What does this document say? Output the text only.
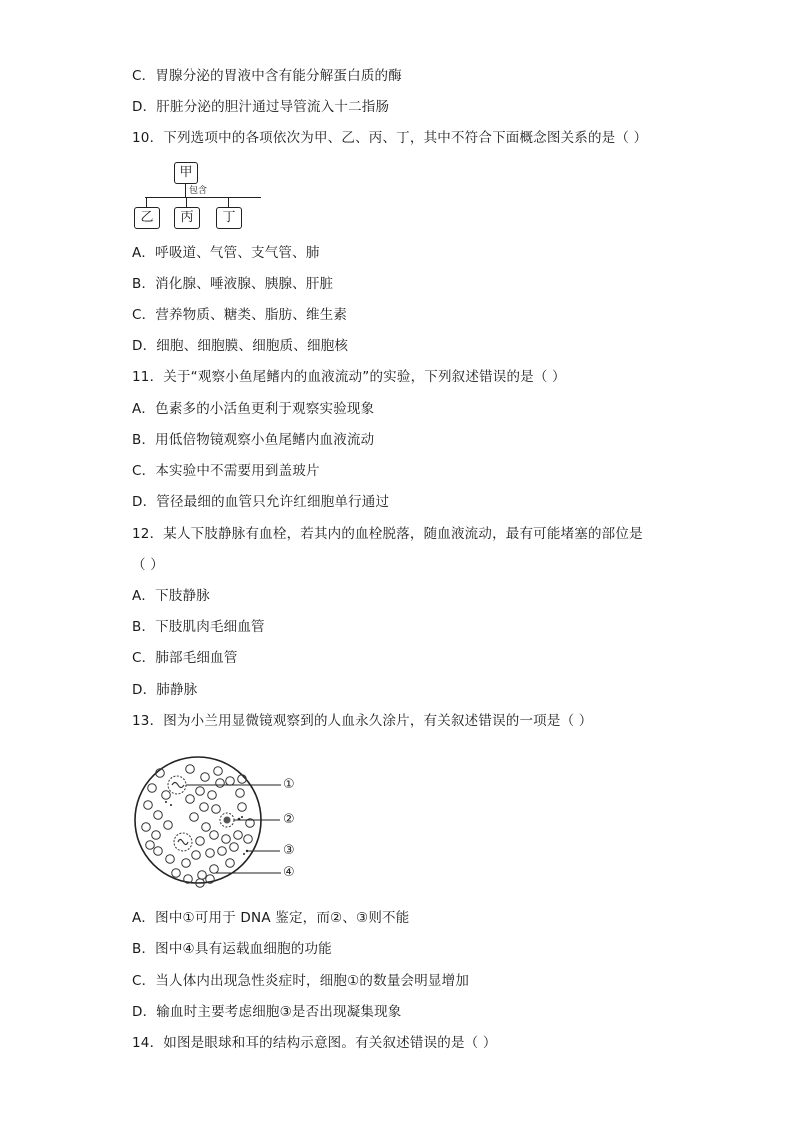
C．胃腺分泌的胃液中含有能分解蛋白质的酶
D．肝脏分泌的胆汁通过导管流入十二指肠
10．下列选项中的各项依次为甲、乙、丙、丁，其中不符合下面概念图关系的是（ ）
甲
包含
乙	丙	丁
A．呼吸道、气管、支气管、肺
B．消化腺、唾液腺、胰腺、肝脏
C．营养物质、糖类、脂肪、维生素
D．细胞、细胞膜、细胞质、细胞核
11．关于“观察小鱼尾鳍内的血液流动”的实验，下列叙述错误的是（ ）
A．色素多的小活鱼更利于观察实验现象
B．用低倍物镜观察小鱼尾鳍内血液流动
C．本实验中不需要用到盖玻片
D．管径最细的血管只允许红细胞单行通过
12．某人下肢静脉有血栓，若其内的血栓脱落，随血液流动，最有可能堵塞的部位是
（ ）
A．下肢静脉
B．下肢肌肉毛细血管
C．肺部毛细血管
D．肺静脉
13．图为小兰用显微镜观察到的人血永久涂片，有关叙述错误的一项是（ ）
①
②
③
④
A．图中①可用于 DNA 鉴定，而②、③则不能
B．图中④具有运载血细胞的功能
C．当人体内出现急性炎症时，细胞①的数量会明显增加
D．输血时主要考虑细胞③是否出现凝集现象
14．如图是眼球和耳的结构示意图。有关叙述错误的是（ ）
